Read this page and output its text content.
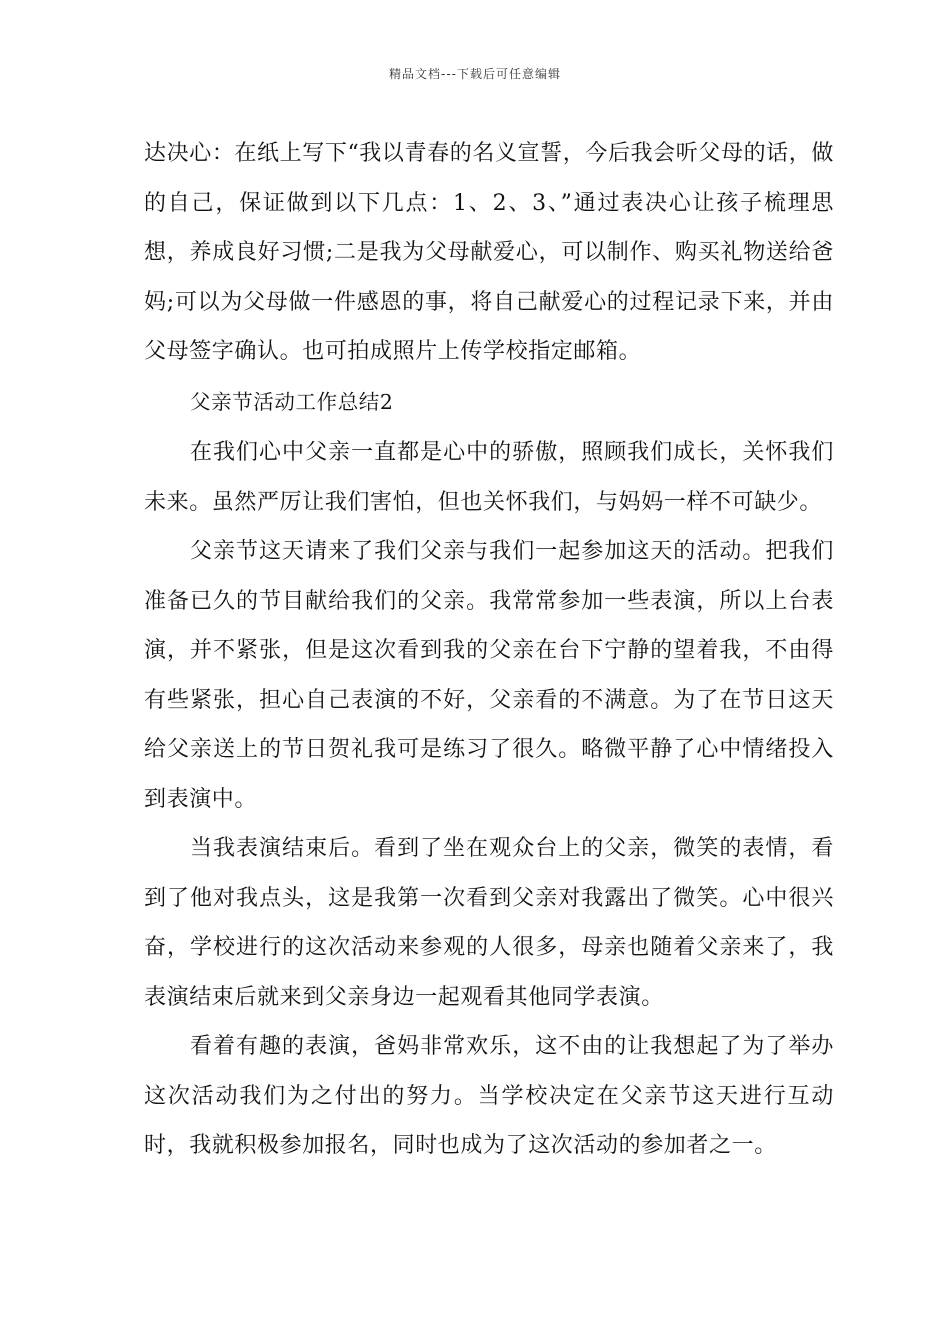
精品文档---下载后可任意编辑

达决心：在纸上写下“我以青春的名义宣誓，今后我会听父母的话，做的自己，保证做到以下几点：1、2、3、”通过表决心让孩子梳理思想，养成良好习惯;二是我为父母献爱心，可以制作、购买礼物送给爸妈;可以为父母做一件感恩的事，将自己献爱心的过程记录下来，并由父母签字确认。也可拍成照片上传学校指定邮箱。

父亲节活动工作总结2

在我们心中父亲一直都是心中的骄傲，照顾我们成长，关怀我们未来。虽然严厉让我们害怕，但也关怀我们，与妈妈一样不可缺少。

父亲节这天请来了我们父亲与我们一起参加这天的活动。把我们准备已久的节目献给我们的父亲。我常常参加一些表演，所以上台表演，并不紧张，但是这次看到我的父亲在台下宁静的望着我，不由得有些紧张，担心自己表演的不好，父亲看的不满意。为了在节日这天给父亲送上的节日贺礼我可是练习了很久。略微平静了心中情绪投入到表演中。

当我表演结束后。看到了坐在观众台上的父亲，微笑的表情，看到了他对我点头，这是我第一次看到父亲对我露出了微笑。心中很兴奋，学校进行的这次活动来参观的人很多，母亲也随着父亲来了，我表演结束后就来到父亲身边一起观看其他同学表演。

看着有趣的表演，爸妈非常欢乐，这不由的让我想起了为了举办这次活动我们为之付出的努力。当学校决定在父亲节这天进行互动时，我就积极参加报名，同时也成为了这次活动的参加者之一。
